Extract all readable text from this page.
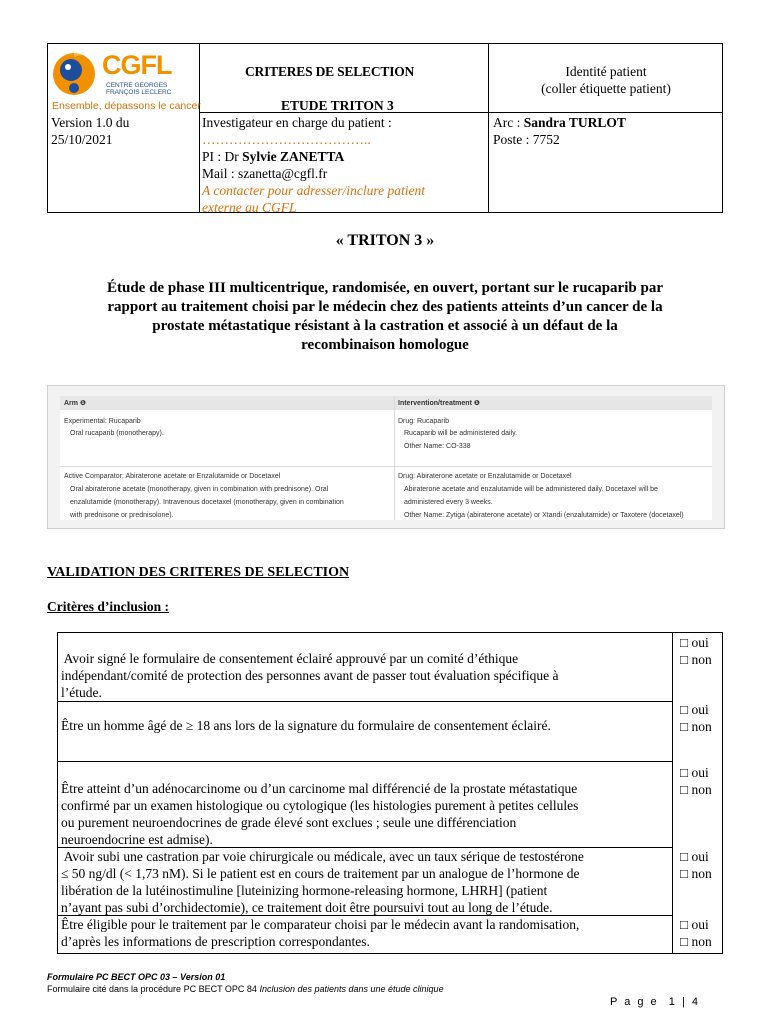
CGFL
CENTRE GEORGES
FRANÇOIS LECLERC
Ensemble, dépassons le cancer
Version 1.0 du
25/10/2021
CRITERES DE SELECTION
ETUDE TRITON 3
Investigateur en charge du patient :
………………………………..
PI : Dr Sylvie ZANETTA
Mail : szanetta@cgfl.fr
A contacter pour adresser/inclure patient
externe au CGFL
Identité patient
(coller étiquette patient)
Arc : Sandra TURLOT
Poste : 7752
« TRITON 3 »
Étude de phase III multicentrique, randomisée, en ouvert, portant sur le rucaparib par
rapport au traitement choisi par le médecin chez des patients atteints d’un cancer de la
prostate métastatique résistant à la castration et associé à un défaut de la
recombinaison homologue
Arm ❶	Intervention/treatment ❶

Experimental: Rucaparib

Oral rucaparib (monotherapy).

Drug: Rucaparib

Rucaparib will be administered daily.

Other Name: CO-338

Active Comparator: Abiraterone acetate or Enzalutamide or Docetaxel

Oral abiraterone acetate (monotherapy, given in combination with prednisone). Oral

enzalutamide (monotherapy). Intravenous docetaxel (monotherapy, given in combination

with prednisone or prednisolone).

Drug: Abiraterone acetate or Enzalutamide or Docetaxel

Abiraterone acetate and enzalutamide will be administered daily. Docetaxel will be

administered every 3 weeks.

Other Name: Zytiga (abiraterone acetate) or Xtandi (enzalutamide) or Taxotere (docetaxel)

VALIDATION DES CRITERES DE SELECTION
Critères d’inclusion :
Avoir signé le formulaire de consentement éclairé approuvé par un comité d’éthique
indépendant/comité de protection des personnes avant de passer tout évaluation spécifique à
l’étude.
□ oui
□ non
Être un homme âgé de ≥ 18 ans lors de la signature du formulaire de consentement éclairé.
□ oui
□ non
Être atteint d’un adénocarcinome ou d’un carcinome mal différencié de la prostate métastatique
confirmé par un examen histologique ou cytologique (les histologies purement à petites cellules
ou purement neuroendocrines de grade élevé sont exclues ; seule une différenciation
neuroendocrine est admise).
□ oui
□ non
Avoir subi une castration par voie chirurgicale ou médicale, avec un taux sérique de testostérone
≤ 50 ng/dl (< 1,73 nM). Si le patient est en cours de traitement par un analogue de l’hormone de
libération de la lutéinostimuline [luteinizing hormone-releasing hormone, LHRH] (patient
n’ayant pas subi d’orchidectomie), ce traitement doit être poursuivi tout au long de l’étude.
□ oui
□ non
Être éligible pour le traitement par le comparateur choisi par le médecin avant la randomisation,
d’après les informations de prescription correspondantes.
□ oui
□ non
Formulaire PC BECT OPC 03 – Version 01
Formulaire cité dans la procédure PC BECT OPC 84 Inclusion des patients dans une étude clinique
P a g e  1 | 4
